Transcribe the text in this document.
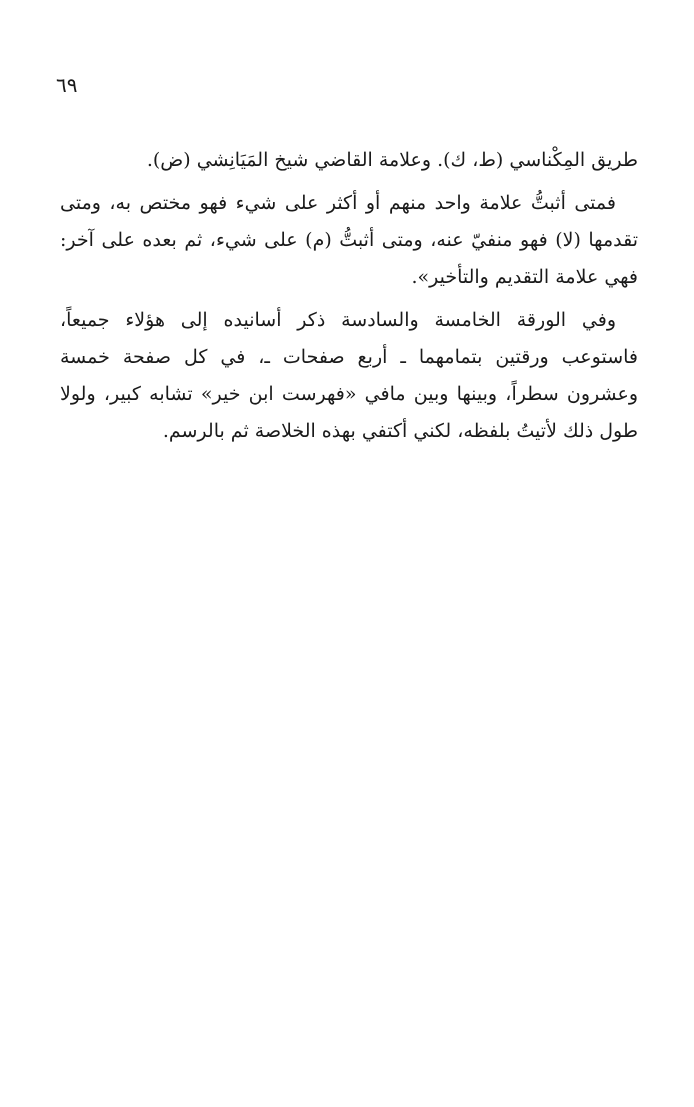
٦٩

طريق المِكْناسي (ط، ك). وعلامة القاضي شيخ المَيَانِشي (ض).

فمتى أثبتُّ علامة واحد منهم أو أكثر على شيء فهو مختص به، ومتى تقدمها (لا) فهو منفيّ عنه، ومتى أثبتُّ (م) على شيء، ثم بعده على آخر: فهي علامة التقديم والتأخير».

وفي الورقة الخامسة والسادسة ذكر أسانيده إلى هؤلاء جميعاً، فاستوعب ورقتين بتمامهما ـ أربع صفحات ـ، في كل صفحة خمسة وعشرون سطراً، وبينها وبين مافي «فهرست ابن خير» تشابه كبير، ولولا طول ذلك لأتيتُ بلفظه، لكني أكتفي بهذه الخلاصة ثم بالرسم.
